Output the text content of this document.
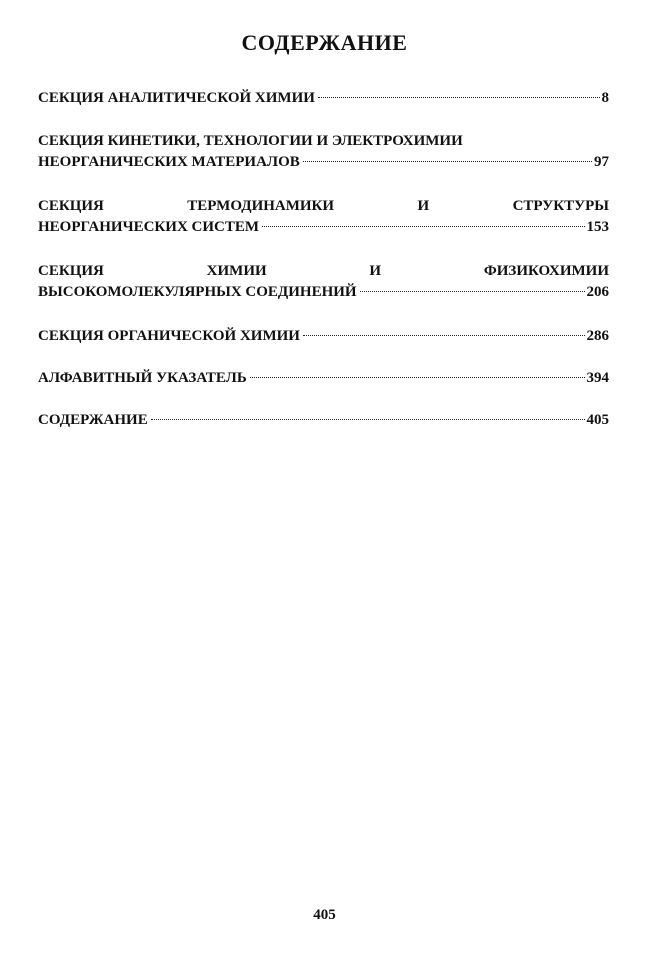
СОДЕРЖАНИЕ
СЕКЦИЯ АНАЛИТИЧЕСКОЙ ХИМИИ	8
СЕКЦИЯ КИНЕТИКИ, ТЕХНОЛОГИИ И ЭЛЕКТРОХИМИИ
НЕОРГАНИЧЕСКИХ МАТЕРИАЛОВ	97
СЕКЦИЯ	ТЕРМОДИНАМИКИ	И	СТРУКТУРЫ
НЕОРГАНИЧЕСКИХ СИСТЕМ	153
СЕКЦИЯ	ХИМИИ	И	ФИЗИКОХИМИИ
ВЫСОКОМОЛЕКУЛЯРНЫХ СОЕДИНЕНИЙ	206
СЕКЦИЯ ОРГАНИЧЕСКОЙ ХИМИИ	286
АЛФАВИТНЫЙ УКАЗАТЕЛЬ	394
СОДЕРЖАНИЕ	405
405
